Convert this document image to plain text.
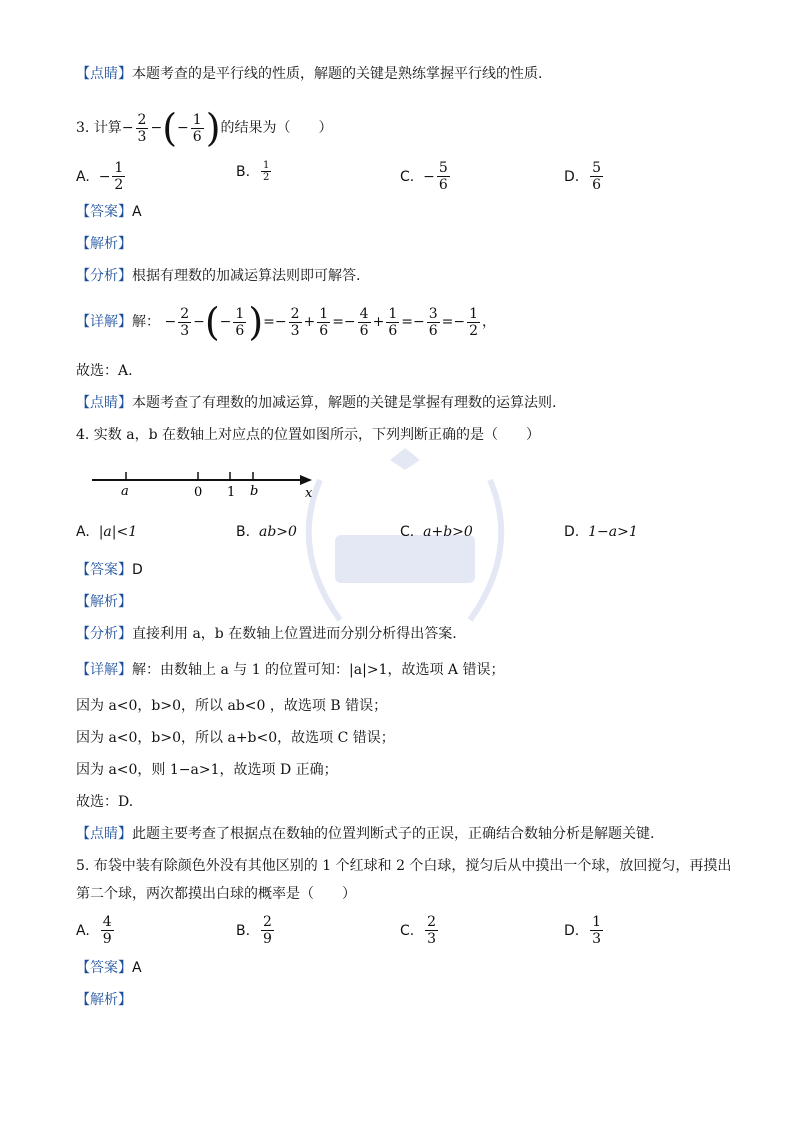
【点睛】本题考查的是平行线的性质，解题的关键是熟练掌握平行线的性质.
3.
计算 − $\frac{2}{3}$ − ( − $\frac{1}{6}$ ) 的结果为（　　）
A.
− $\frac{1}{2}$	B.
$\frac{1}{2}$	C.
− $\frac{5}{6}$	D.
$\frac{5}{6}$
【答案】A
【解析】
【分析】根据有理数的加减运算法则即可解答.
【详解】 解：
− $\frac{2}{3}$ − ( − $\frac{1}{6}$ ) =− $\frac{2}{3} + \frac{1}{6} =- \frac{4}{6} + \frac{1}{6} =- \frac{3}{6} =- \frac{1}{2}$ ，
故选：A.
【点睛】本题考查了有理数的加减运算，解题的关键是掌握有理数的运算法则.
4. 实数 a，b 在数轴上对应点的位置如图所示，下列判断正确的是（　　）
a	0 1 b	x
A.
|a|<1	B.
ab>0	C.
a+b>0	D.
1−a>1
【答案】D
【解析】
【分析】直接利用 a，b 在数轴上位置进而分别分析得出答案.
【详解】解：由数轴上 a 与 1 的位置可知：|a|>1，故选项 A 错误；
因为 a<0，b>0，所以 ab<0 ，故选项 B 错误；
因为 a<0，b>0，所以 a+b<0，故选项 C 错误；
因为 a<0，则 1−a>1，故选项 D 正确；
故选：D.
【点睛】此题主要考查了根据点在数轴的位置判断式子的正误，正确结合数轴分析是解题关键.
5. 布袋中装有除颜色外没有其他区别的 1 个红球和 2 个白球，搅匀后从中摸出一个球，放回搅匀，再摸出
第二个球，两次都摸出白球的概率是（　　）
A.
$\frac{4}{9}$	B.
$\frac{2}{9}$	C.
$\frac{2}{3}$	D.
$\frac{1}{3}$
【答案】A
【解析】
